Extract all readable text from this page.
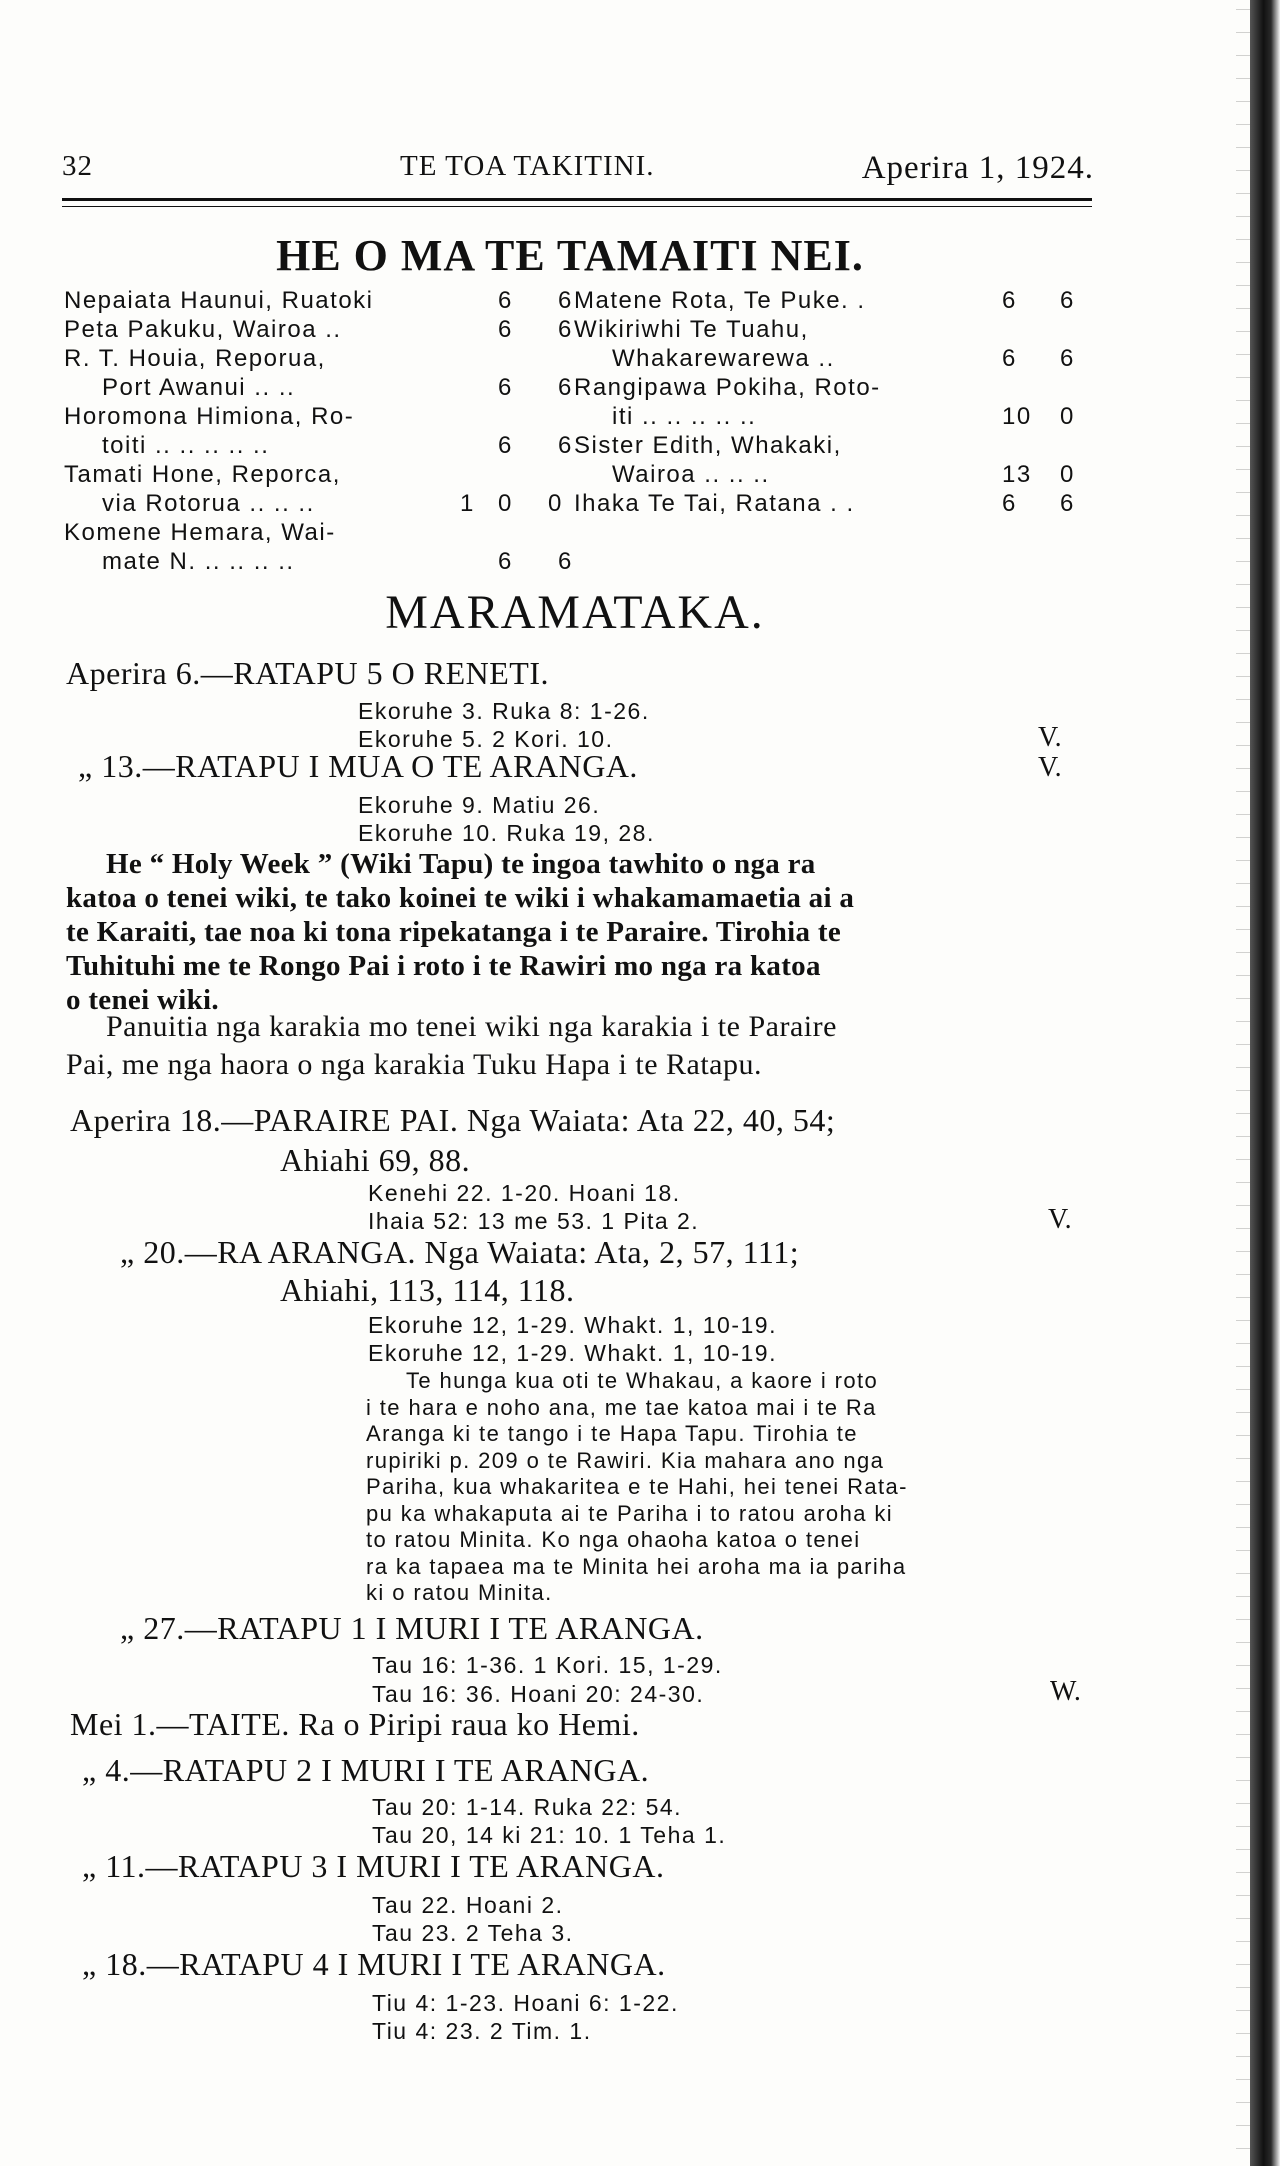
32	TE TOA TAKITINI.	Aperira 1, 1924.
HE O MA TE TAMAITI NEI.
Nepaiata Haunui, Ruatoki	6 6
Peta Pakuku, Wairoa ..	6 6
R. T. Houia, Reporua,
Port Awanui .. ..	6 6
Horomona Himiona, Ro-
toiti .. .. .. .. ..	6 6
Tamati Hone, Reporca,
via Rotorua .. .. ..	1 0 0
Komene Hemara, Wai-
mate N. .. .. .. ..	6 6
Matene Rota, Te Puke. .	6 6
Wikiriwhi Te Tuahu,
Whakarewarewa ..	6 6
Rangipawa Pokiha, Roto-
iti .. .. .. .. ..	10 0
Sister Edith, Whakaki,
Wairoa .. .. ..	13 0
Ihaka Te Tai, Ratana . .	6 6
MARAMATAKA.
Aperira 6.—RATAPU 5 O RENETI.
Ekoruhe 3. Ruka 8: 1-26.
Ekoruhe 5. 2 Kori. 10.	V.
„ 13.—RATAPU I MUA O TE ARANGA.	V.
Ekoruhe 9. Matiu 26.
Ekoruhe 10. Ruka 19, 28.
He “ Holy Week ” (Wiki Tapu) te ingoa tawhito o nga ra
katoa o tenei wiki, te tako koinei te wiki i whakamamaetia ai a
te Karaiti, tae noa ki tona ripekatanga i te Paraire. Tirohia te
Tuhituhi me te Rongo Pai i roto i te Rawiri mo nga ra katoa
o tenei wiki.
Panuitia nga karakia mo tenei wiki nga karakia i te Paraire
Pai, me nga haora o nga karakia Tuku Hapa i te Ratapu.
Aperira 18.—PARAIRE PAI. Nga Waiata: Ata 22, 40, 54;
Ahiahi 69, 88.
Kenehi 22. 1-20. Hoani 18.
Ihaia 52: 13 me 53. 1 Pita 2.	V.
„ 20.—RA ARANGA. Nga Waiata: Ata, 2, 57, 111;
Ahiahi, 113, 114, 118.
Ekoruhe 12, 1-29. Whakt. 1, 10-19.
Ekoruhe 12, 1-29. Whakt. 1, 10-19.
Te hunga kua oti te Whakau, a kaore i roto
i te hara e noho ana, me tae katoa mai i te Ra
Aranga ki te tango i te Hapa Tapu. Tirohia te
rupiriki p. 209 o te Rawiri. Kia mahara ano nga
Pariha, kua whakaritea e te Hahi, hei tenei Rata-
pu ka whakaputa ai te Pariha i to ratou aroha ki
to ratou Minita. Ko nga ohaoha katoa o tenei
ra ka tapaea ma te Minita hei aroha ma ia pariha
ki o ratou Minita.
„ 27.—RATAPU 1 I MURI I TE ARANGA.
Tau 16: 1-36. 1 Kori. 15, 1-29.
Tau 16: 36. Hoani 20: 24-30.	W.
Mei 1.—TAITE. Ra o Piripi raua ko Hemi.
„ 4.—RATAPU 2 I MURI I TE ARANGA.
Tau 20: 1-14. Ruka 22: 54.
Tau 20, 14 ki 21: 10. 1 Teha 1.
„ 11.—RATAPU 3 I MURI I TE ARANGA.
Tau 22. Hoani 2.
Tau 23. 2 Teha 3.
„ 18.—RATAPU 4 I MURI I TE ARANGA.
Tiu 4: 1-23. Hoani 6: 1-22.
Tiu 4: 23. 2 Tim. 1.
